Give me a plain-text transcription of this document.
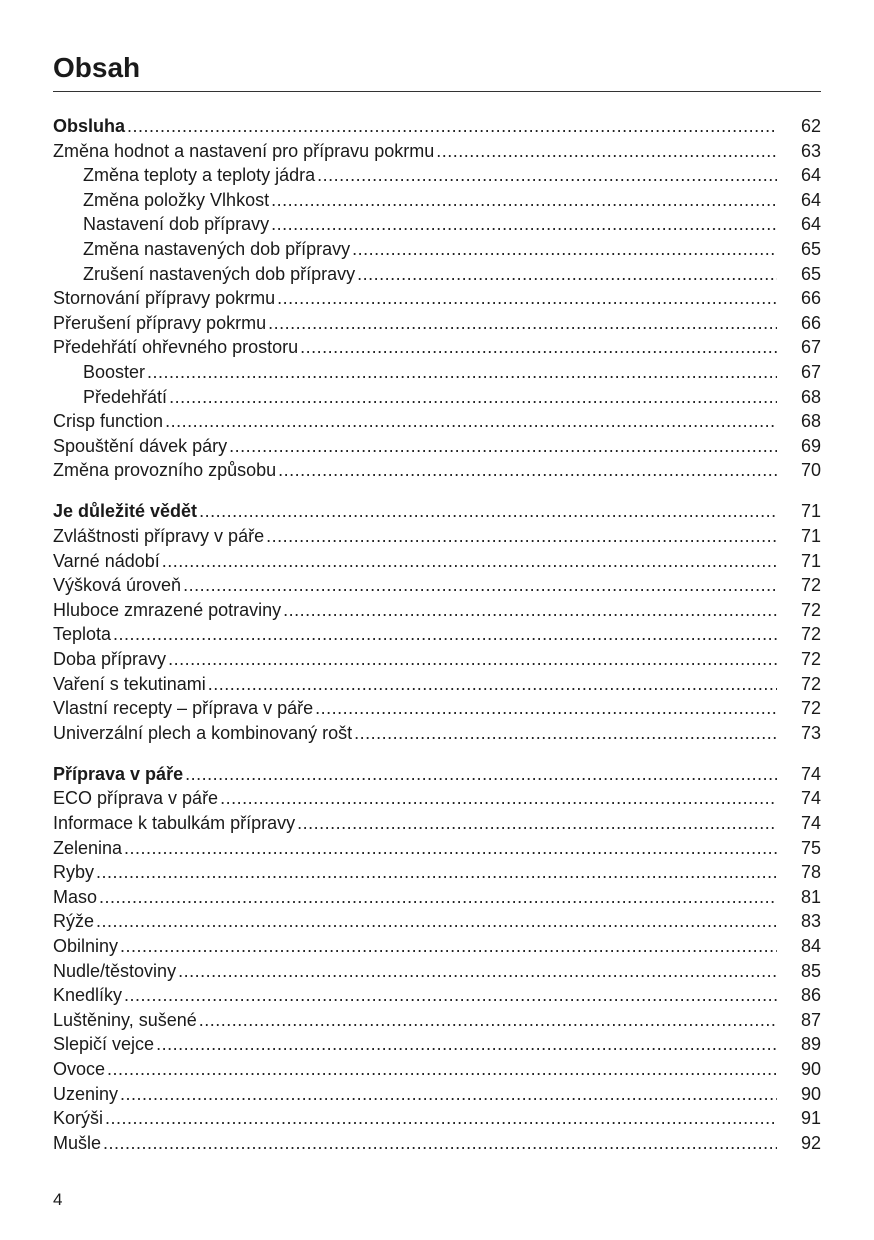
Obsah
Obsluha .....	62
Změna hodnot a nastavení pro přípravu pokrmu .....	63
Změna teploty a teploty jádra .....	64
Změna položky Vlhkost .....	64
Nastavení dob přípravy .....	64
Změna nastavených dob přípravy .....	65
Zrušení nastavených dob přípravy .....	65
Stornování přípravy pokrmu .....	66
Přerušení přípravy pokrmu .....	66
Předehřátí ohřevného prostoru .....	67
Booster .....	67
Předehřátí .....	68
Crisp function .....	68
Spouštění dávek páry .....	69
Změna provozního způsobu .....	70
Je důležité vědět .....	71
Zvláštnosti přípravy v páře .....	71
Varné nádobí .....	71
Výšková úroveň .....	72
Hluboce zmrazené potraviny .....	72
Teplota .....	72
Doba přípravy .....	72
Vaření s tekutinami .....	72
Vlastní recepty – příprava v páře .....	72
Univerzální plech a kombinovaný rošt .....	73
Příprava v páře .....	74
ECO příprava v páře .....	74
Informace k tabulkám přípravy .....	74
Zelenina .....	75
Ryby .....	78
Maso .....	81
Rýže .....	83
Obilniny .....	84
Nudle/těstoviny .....	85
Knedlíky .....	86
Luštěniny, sušené .....	87
Slepičí vejce .....	89
Ovoce .....	90
Uzeniny .....	90
Korýši .....	91
Mušle .....	92
4
